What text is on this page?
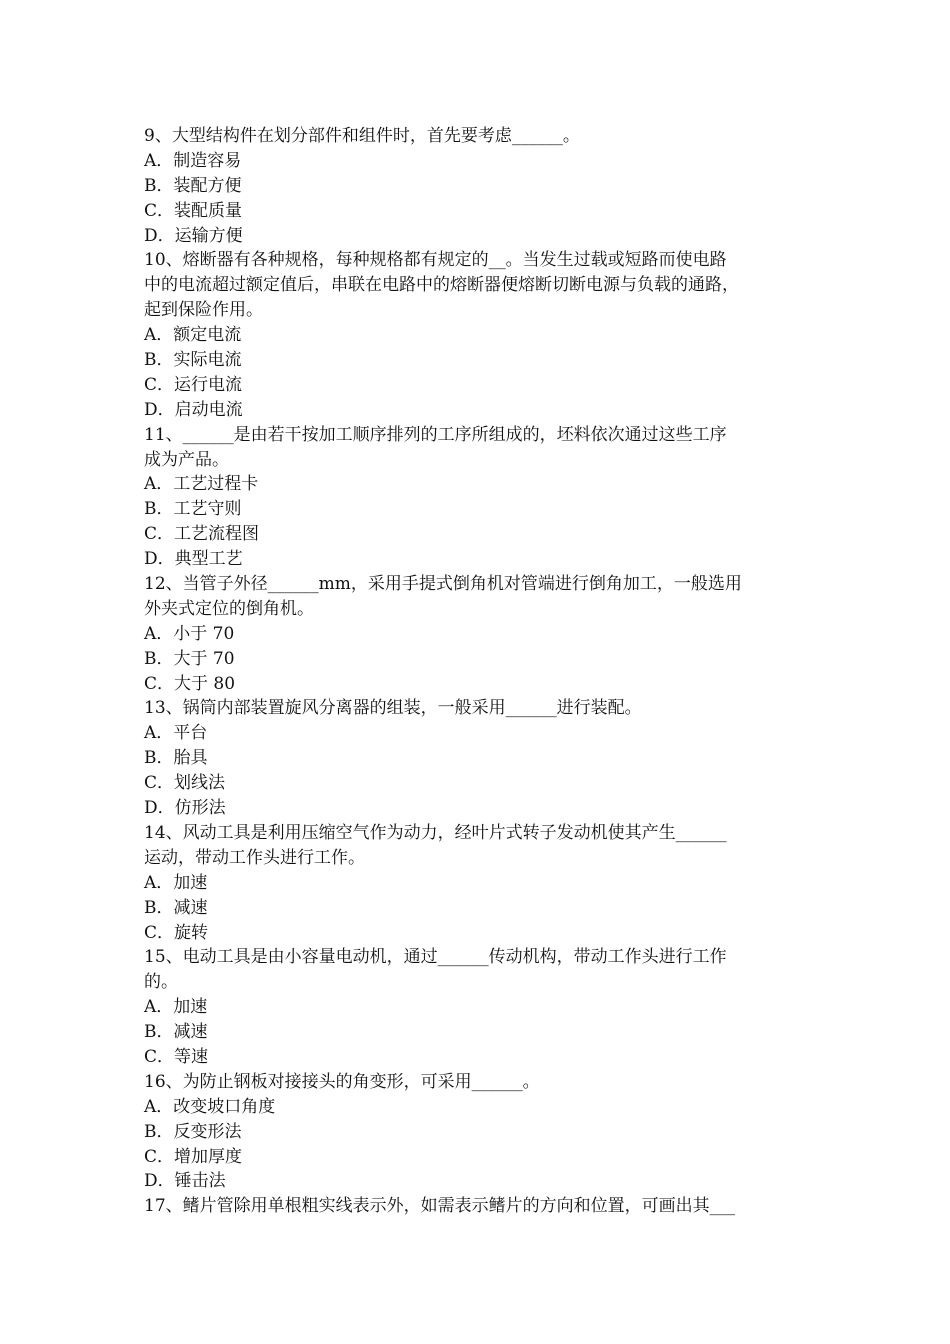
9、大型结构件在划分部件和组件时，首先要考虑______。
A．制造容易
B．装配方便
C．装配质量
D．运输方便
10、熔断器有各种规格，每种规格都有规定的__。当发生过载或短路而使电路
中的电流超过额定值后，串联在电路中的熔断器便熔断切断电源与负载的通路，
起到保险作用。
A．额定电流
B．实际电流
C．运行电流
D．启动电流
11、______是由若干按加工顺序排列的工序所组成的，坯料依次通过这些工序
成为产品。
A．工艺过程卡
B．工艺守则
C．工艺流程图
D．典型工艺
12、当管子外径______mm，采用手提式倒角机对管端进行倒角加工，一般选用
外夹式定位的倒角机。
A．小于 70
B．大于 70
C．大于 80
13、锅筒内部装置旋风分离器的组装，一般采用______进行装配。
A．平台
B．胎具
C．划线法
D．仿形法
14、风动工具是利用压缩空气作为动力，经叶片式转子发动机使其产生______
运动，带动工作头进行工作。
A．加速
B．减速
C．旋转
15、电动工具是由小容量电动机，通过______传动机构，带动工作头进行工作
的。
A．加速
B．减速
C．等速
16、为防止钢板对接接头的角变形，可采用______。
A．改变坡口角度
B．反变形法
C．增加厚度
D．锤击法
17、鳍片管除用单根粗实线表示外，如需表示鳍片的方向和位置，可画出其___
